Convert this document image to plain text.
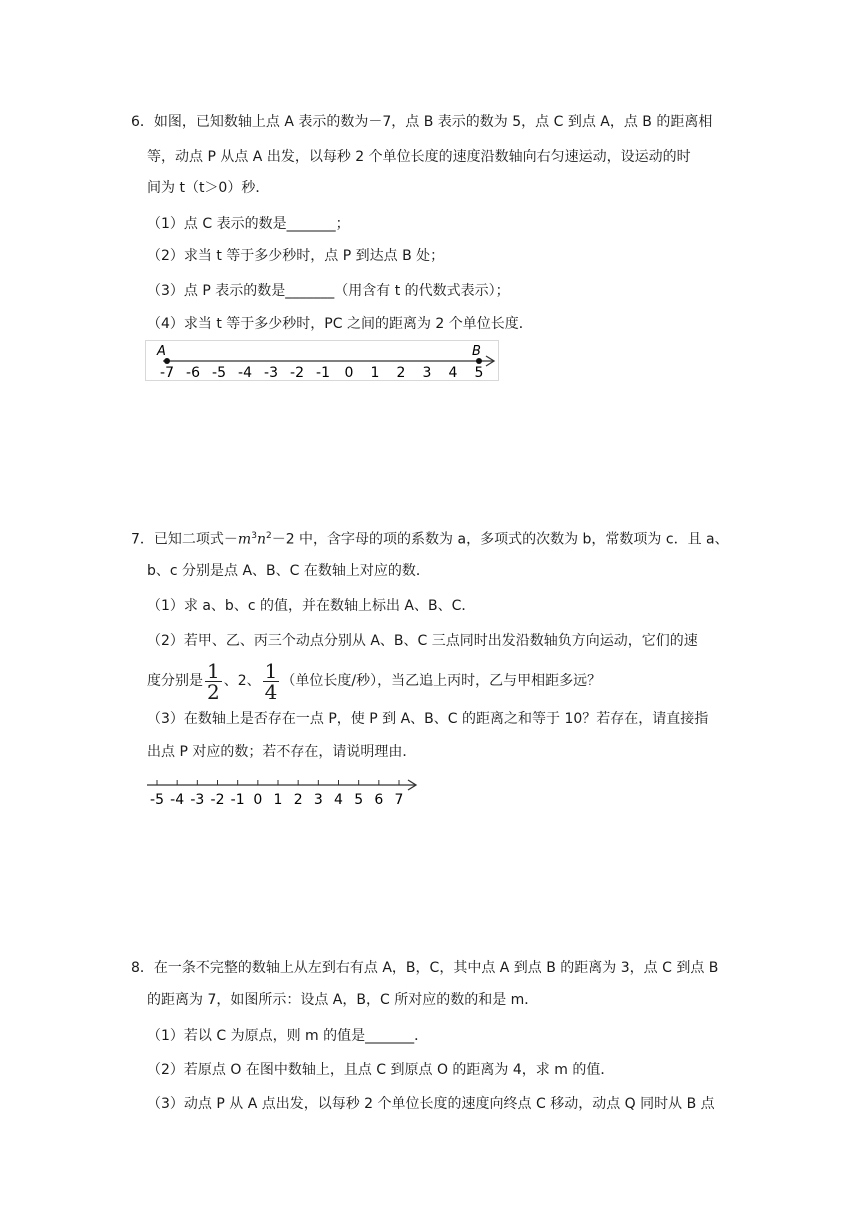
6．如图，已知数轴上点 A 表示的数为－7，点 B 表示的数为 5，点 C 到点 A，点 B 的距离相
等，动点 P 从点 A 出发，以每秒 2 个单位长度的速度沿数轴向右匀速运动，设运动的时
间为 t（t＞0）秒．
（1）点 C 表示的数是_______；
（2）求当 t 等于多少秒时，点 P 到达点 B 处；
（3）点 P 表示的数是_______（用含有 t 的代数式表示）；
（4）求当 t 等于多少秒时，PC 之间的距离为 2 个单位长度．
A	B
-7 -6 -5 -4 -3 -2 -1 0 1 2 3 4 5
7．已知二项式$-m^3n^2-2$ 中，含字母的项的系数为 a，多项式的次数为 b，常数项为 c．且 a、
b、c 分别是点 A、B、C 在数轴上对应的数．
（1）求 a、b、c 的值，并在数轴上标出 A、B、C．
（2）若甲、乙、丙三个动点分别从 A、B、C 三点同时出发沿数轴负方向运动，它们的速
度分别是 $\frac{1}{2}$ 、2、 $\frac{1}{4}$ （单位长度/秒），当乙追上丙时，乙与甲相距多远？
（3）在数轴上是否存在一点 P，使 P 到 A、B、C 的距离之和等于 10？若存在，请直接指
出点 P 对应的数；若不存在，请说明理由．
-5 -4 -3 -2 -1 0 1 2 3 4 5 6 7
8．在一条不完整的数轴上从左到右有点 A，B，C，其中点 A 到点 B 的距离为 3，点 C 到点 B
的距离为 7，如图所示：设点 A，B，C 所对应的数的和是 m．
（1）若以 C 为原点，则 m 的值是_______．
（2）若原点 O 在图中数轴上，且点 C 到原点 O 的距离为 4，求 m 的值．
（3）动点 P 从 A 点出发，以每秒 2 个单位长度的速度向终点 C 移动，动点 Q 同时从 B 点
